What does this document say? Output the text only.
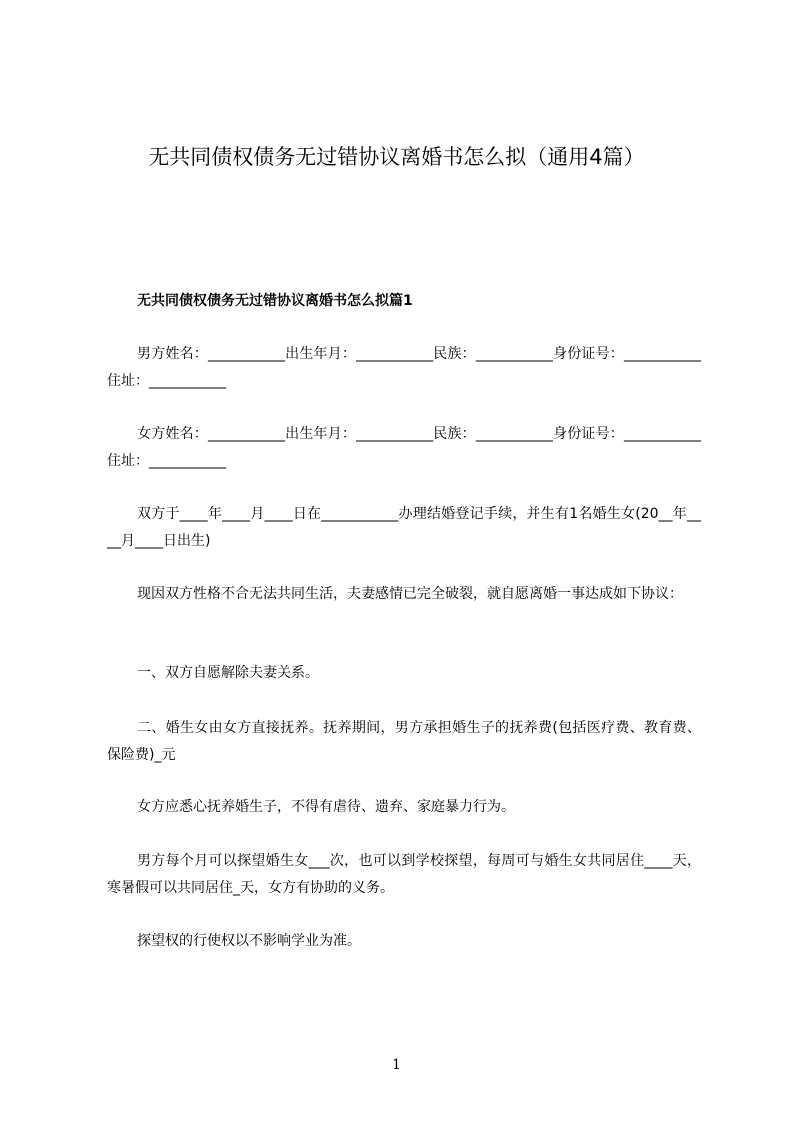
无共同债权债务无过错协议离婚书怎么拟（通用4篇）
无共同债权债务无过错协议离婚书怎么拟篇1

男方姓名：___________出生年月：___________民族：___________身份证号：___________住址：___________

女方姓名：___________出生年月：___________民族：___________身份证号：___________住址：___________

双方于____年____月____日在___________办理结婚登记手续，并生有1名婚生女(20__年____月____日出生)

现因双方性格不合无法共同生活，夫妻感情已完全破裂，就自愿离婚一事达成如下协议：

一、双方自愿解除夫妻关系。

二、婚生女由女方直接抚养。抚养期间，男方承担婚生子的抚养费(包括医疗费、教育费、保险费)_元

女方应悉心抚养婚生子，不得有虐待、遗弃、家庭暴力行为。

男方每个月可以探望婚生女___次，也可以到学校探望，每周可与婚生女共同居住____天，寒暑假可以共同居住_天，女方有协助的义务。

探望权的行使权以不影响学业为准。

1
